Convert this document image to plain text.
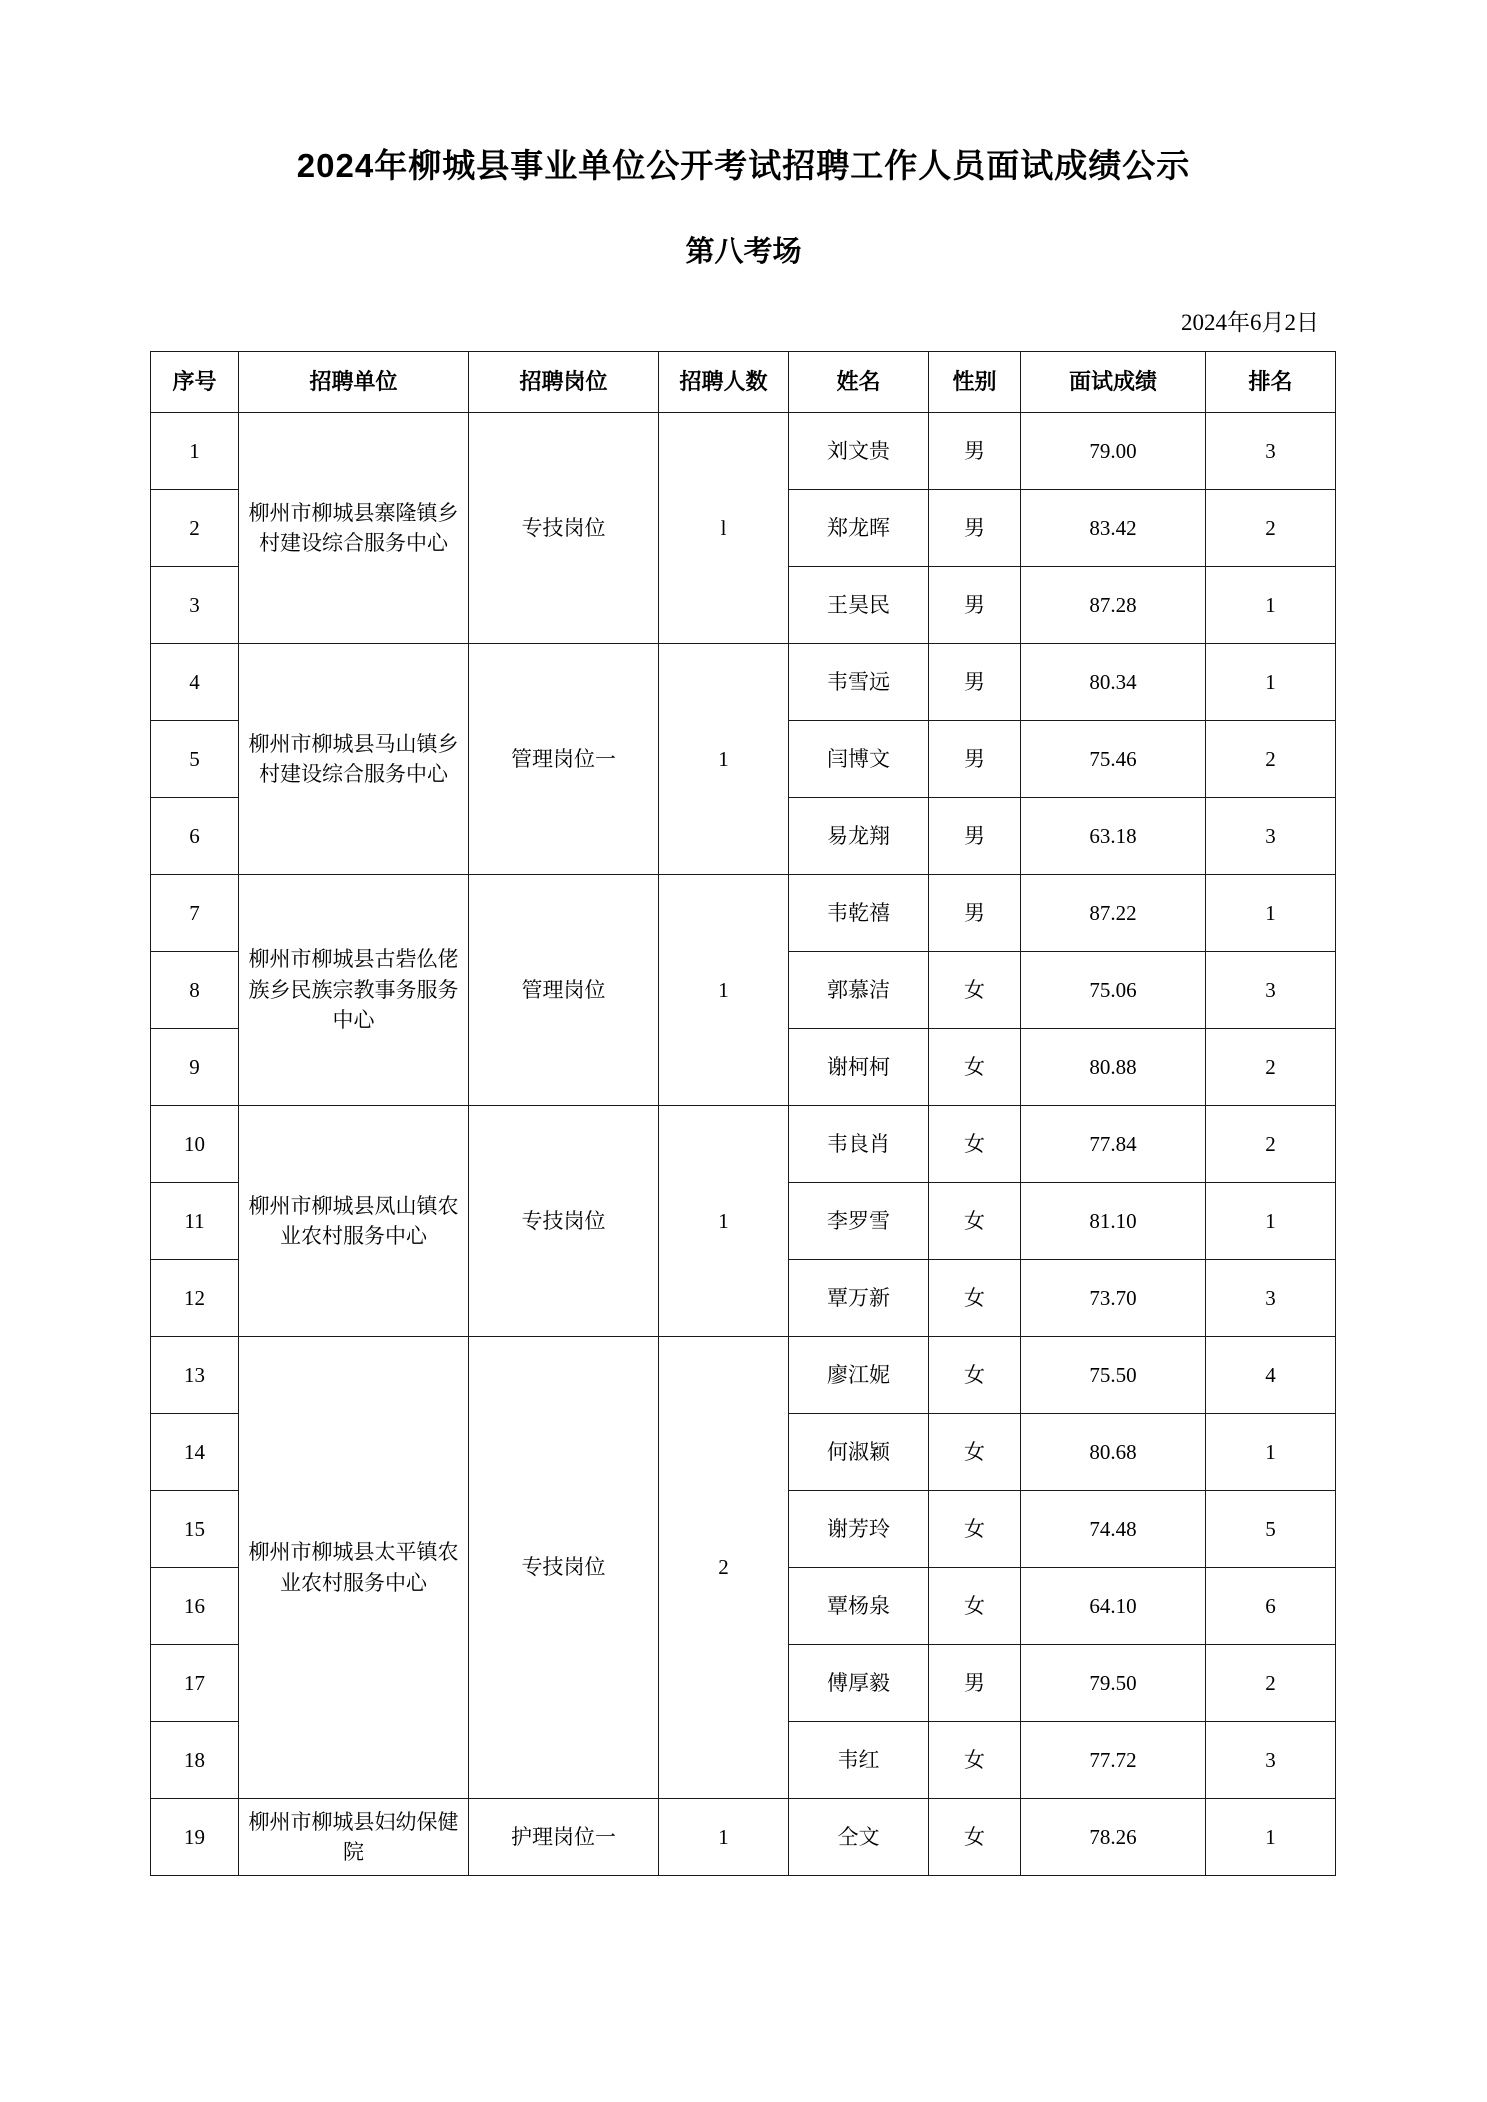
2024年柳城县事业单位公开考试招聘工作人员面试成绩公示
第八考场
2024年6月2日
序号	招聘单位	招聘岗位	招聘人数	姓名	性别	面试成绩	排名
1	柳州市柳城县寨隆镇乡村建设综合服务中心	专技岗位	l	刘文贵	男	79.00	3
2				郑龙晖	男	83.42	2
3				王昊民	男	87.28	1
4	柳州市柳城县马山镇乡村建设综合服务中心	管理岗位一	1	韦雪远	男	80.34	1
5				闫博文	男	75.46	2
6				易龙翔	男	63.18	3
7	柳州市柳城县古砦仫佬族乡民族宗教事务服务中心	管理岗位	1	韦乾禧	男	87.22	1
8				郭慕洁	女	75.06	3
9				谢柯柯	女	80.88	2
10	柳州市柳城县凤山镇农业农村服务中心	专技岗位	1	韦良肖	女	77.84	2
11				李罗雪	女	81.10	1
12				覃万新	女	73.70	3
13	柳州市柳城县太平镇农业农村服务中心	专技岗位	2	廖江妮	女	75.50	4
14				何淑颖	女	80.68	1
15				谢芳玲	女	74.48	5
16				覃杨泉	女	64.10	6
17				傅厚毅	男	79.50	2
18				韦红	女	77.72	3
19	柳州市柳城县妇幼保健院	护理岗位一	1	仝文	女	78.26	1
